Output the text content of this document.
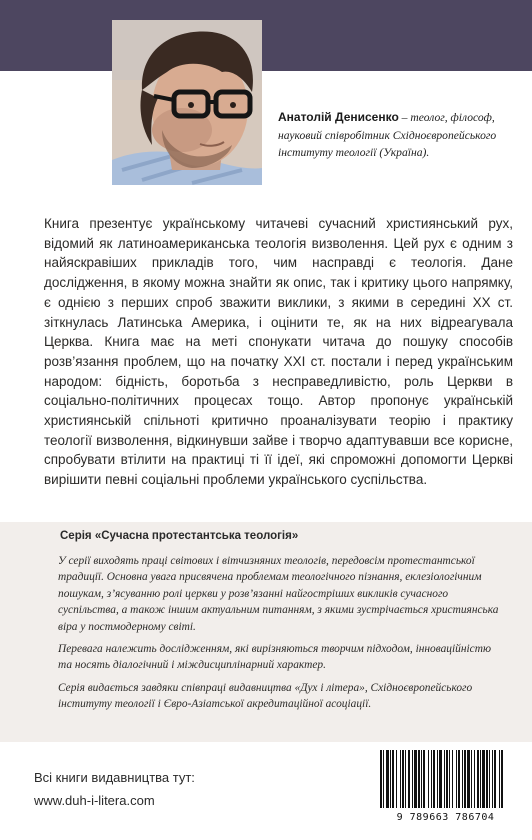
Анатолій Денисенко – теолог, філософ, науковий співробітник Східноєвропейського інституту теології (Україна).
Книга презентує українському читачеві сучасний християнський рух, відомий як латиноамериканська теологія визволення. Цей рух є одним з найяскравіших прикладів того, чим насправді є теологія. Дане дослідження, в якому можна знайти як опис, так і критику цього напрямку, є однією з перших спроб зважити виклики, з якими в середині XX ст. зіткнулась Латинська Америка, і оцінити те, як на них відреагувала Церква. Книга має на меті спонукати читача до пошуку способів розв’язання проблем, що на початку XXI ст. постали і перед українським народом: бідність, боротьба з несправедливістю, роль Церкви в соціально-політичних процесах тощо. Автор пропонує українській християнській спільноті критично проаналізувати теорію і практику теології визволення, відкинувши зайве і творчо адаптувавши все корисне, спробувати втілити на практиці ті її ідеї, які спроможні допомогти Церкві вирішити певні соціальні проблеми українського суспільства.
Серія «Сучасна протестантська теологія»

У серії виходять праці світових і вітчизняних теологів, передовсім протестантської традиції. Основна увага присвячена проблемам теологічного пізнання, еклезіологічним пошукам, з’ясуванню ролі церкви у розв’язанні найгостріших викликів сучасного суспільства, а також іншим актуальним питанням, з якими зустрічається християнська віра у постмодерному світі.

Перевага належить дослідженням, які вирізняються творчим підходом, інноваційністю та носять діалогічний і міждисциплінарний характер.

Серія видається завдяки співпраці видавництва «Дух і літера», Східноєвропейського інституту теології і Євро-Азіатської акредитаційної асоціації.

Всі книги видавництва тут:
www.duh-i-litera.com
9 789663 786704
